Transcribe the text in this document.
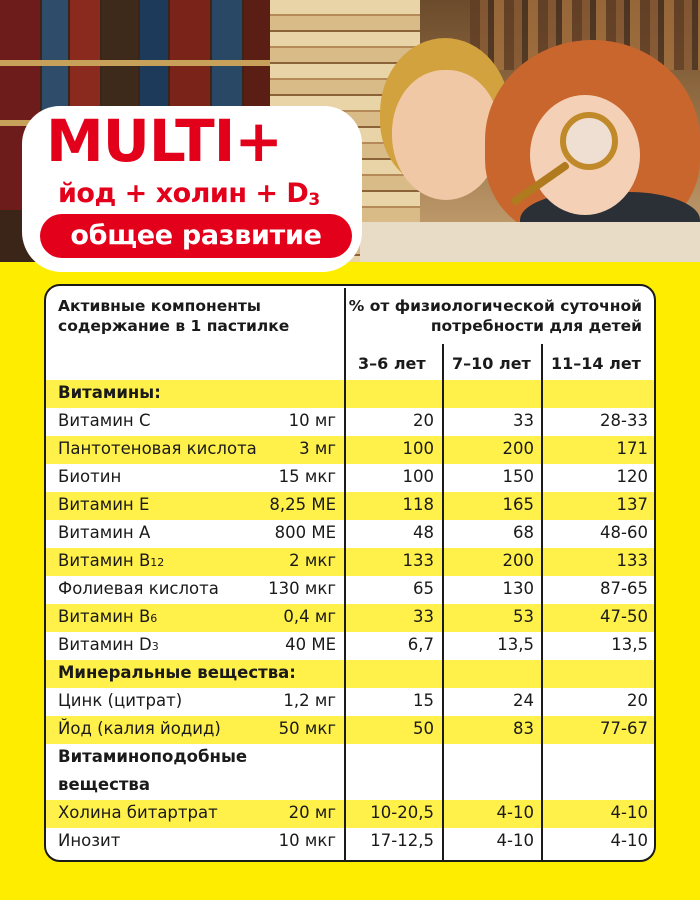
MULTI+
йод + холин + D3
общее развитие
Активные компоненты
содержание в 1 пастилке
% от физиологической суточной
потребности для детей
3–6 лет 7–10 лет 11–14 лет
Витамины:
Витамин С	10 мг	20	33	28-33
Пантотеновая кислота	3 мг	100	200	171
Биотин	15 мкг	100	150	120
Витамин Е	8,25 МЕ	118	165	137
Витамин А	800 МЕ	48	68	48-60
Витамин В12	2 мкг	133	200	133
Фолиевая кислота	130 мкг	65	130	87-65
Витамин В6	0,4 мг	33	53	47-50
Витамин D3	40 МЕ	6,7	13,5	13,5
Минеральные вещества:
Цинк (цитрат)	1,2 мг	15	24	20
Йод (калия йодид)	50 мкг	50	83	77-67
Витаминоподобные
вещества
Холина битартрат	20 мг 10-20,5	4-10	4-10
Инозит	10 мкг 17-12,5	4-10	4-10
